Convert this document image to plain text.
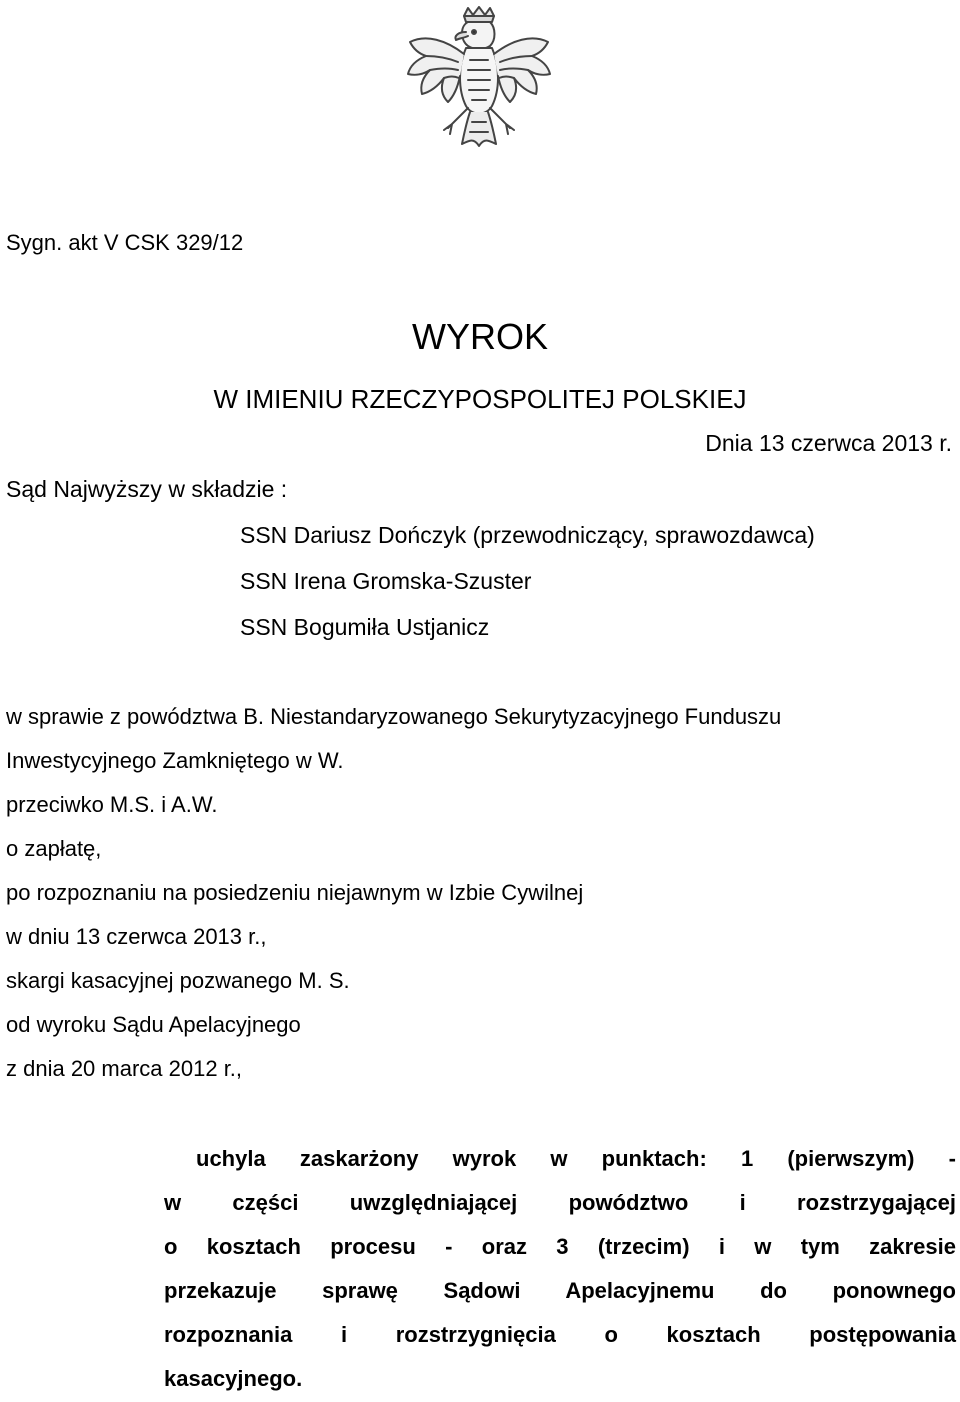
Sygn. akt V CSK 329/12
WYROK
W IMIENIU RZECZYPOSPOLITEJ POLSKIEJ
Dnia 13 czerwca 2013 r.
Sąd Najwyższy w składzie :
SSN Dariusz Dończyk (przewodniczący, sprawozdawca)
SSN Irena Gromska-Szuster
SSN Bogumiła Ustjanicz
w sprawie z powództwa B. Niestandaryzowanego Sekurytyzacyjnego Funduszu
Inwestycyjnego Zamkniętego w W.
przeciwko M.S. i A.W.
o zapłatę,
po rozpoznaniu na posiedzeniu niejawnym w Izbie Cywilnej
w dniu 13 czerwca 2013 r.,
skargi kasacyjnej pozwanego M. S.
od wyroku Sądu Apelacyjnego
z dnia 20 marca 2012 r.,
uchyla zaskarżony wyrok w punktach: 1 (pierwszym) -
w części uwzględniającej powództwo i rozstrzygającej
o kosztach procesu - oraz 3 (trzecim) i w tym zakresie
przekazuje sprawę Sądowi Apelacyjnemu do ponownego
rozpoznania i rozstrzygnięcia o kosztach postępowania
kasacyjnego.
